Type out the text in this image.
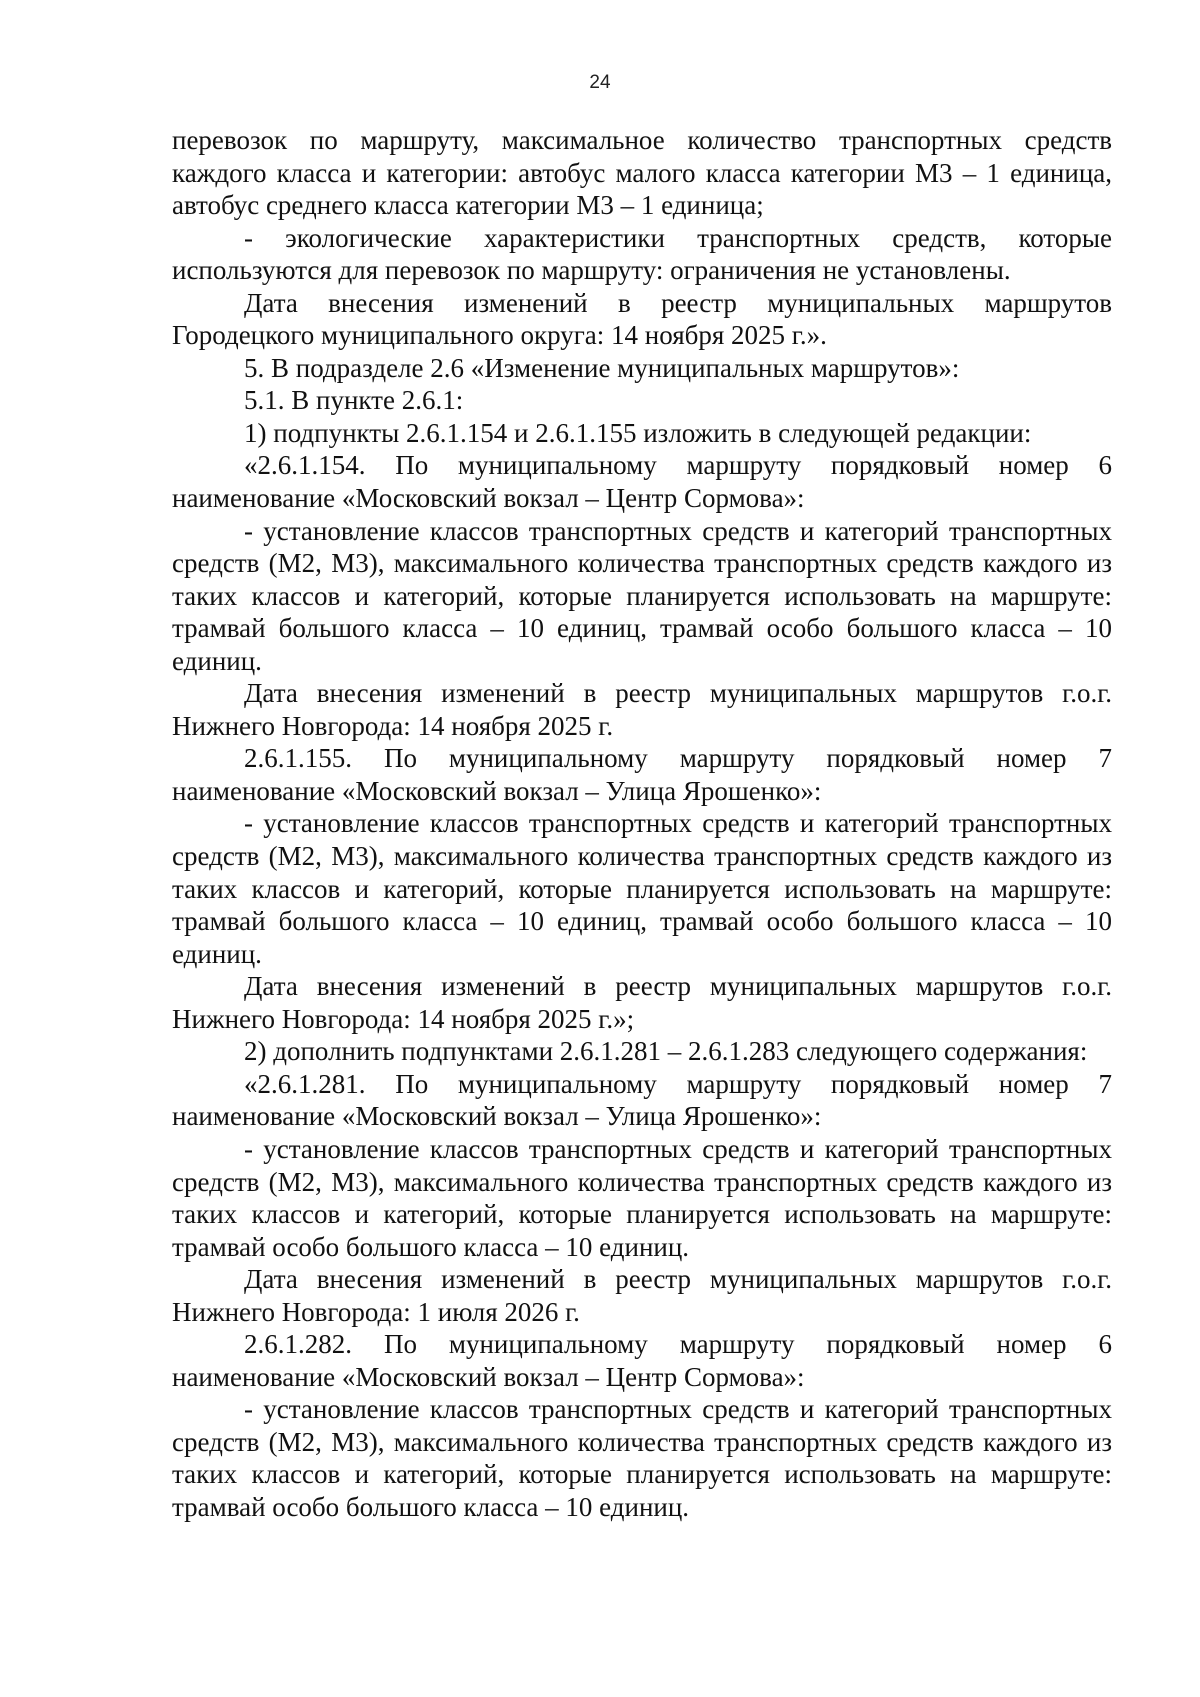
24

перевозок по маршруту, максимальное количество транспортных средств каждого класса и категории: автобус малого класса категории М3 – 1 единица, автобус среднего класса категории М3 – 1 единица;

- экологические характеристики транспортных средств, которые используются для перевозок по маршруту: ограничения не установлены.

Дата внесения изменений в реестр муниципальных маршрутов Городецкого муниципального округа: 14 ноября 2025 г.».

5. В подразделе 2.6 «Изменение муниципальных маршрутов»:

5.1. В пункте 2.6.1:

1) подпункты 2.6.1.154 и 2.6.1.155 изложить в следующей редакции:

«2.6.1.154. По муниципальному маршруту порядковый номер 6 наименование «Московский вокзал – Центр Сормова»:

- установление классов транспортных средств и категорий транспортных средств (М2, М3), максимального количества транспортных средств каждого из таких классов и категорий, которые планируется использовать на маршруте: трамвай большого класса – 10 единиц, трамвай особо большого класса – 10 единиц.

Дата внесения изменений в реестр муниципальных маршрутов г.о.г. Нижнего Новгорода: 14 ноября 2025 г.

2.6.1.155. По муниципальному маршруту порядковый номер 7 наименование «Московский вокзал – Улица Ярошенко»:

- установление классов транспортных средств и категорий транспортных средств (М2, М3), максимального количества транспортных средств каждого из таких классов и категорий, которые планируется использовать на маршруте: трамвай большого класса – 10 единиц, трамвай особо большого класса – 10 единиц.

Дата внесения изменений в реестр муниципальных маршрутов г.о.г. Нижнего Новгорода: 14 ноября 2025 г.»;

2) дополнить подпунктами 2.6.1.281 – 2.6.1.283 следующего содержания:

«2.6.1.281. По муниципальному маршруту порядковый номер 7 наименование «Московский вокзал – Улица Ярошенко»:

- установление классов транспортных средств и категорий транспортных средств (М2, М3), максимального количества транспортных средств каждого из таких классов и категорий, которые планируется использовать на маршруте: трамвай особо большого класса – 10 единиц.

Дата внесения изменений в реестр муниципальных маршрутов г.о.г. Нижнего Новгорода: 1 июля 2026 г.

2.6.1.282. По муниципальному маршруту порядковый номер 6 наименование «Московский вокзал – Центр Сормова»:

- установление классов транспортных средств и категорий транспортных средств (М2, М3), максимального количества транспортных средств каждого из таких классов и категорий, которые планируется использовать на маршруте: трамвай особо большого класса – 10 единиц.
